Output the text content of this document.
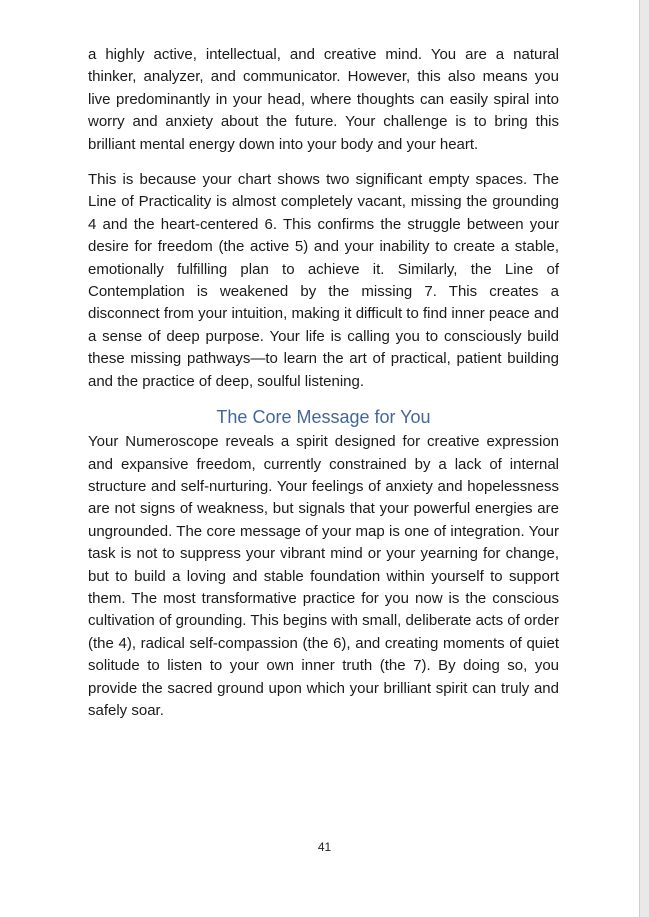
a highly active, intellectual, and creative mind. You are a natural thinker, analyzer, and communicator. However, this also means you live predominantly in your head, where thoughts can easily spiral into worry and anxiety about the future. Your challenge is to bring this brilliant mental energy down into your body and your heart.

This is because your chart shows two significant empty spaces. The Line of Practicality is almost completely vacant, missing the grounding 4 and the heart-centered 6. This confirms the struggle between your desire for freedom (the active 5) and your inability to create a stable, emotionally fulfilling plan to achieve it. Similarly, the Line of Contemplation is weakened by the missing 7. This creates a disconnect from your intuition, making it difficult to find inner peace and a sense of deep purpose. Your life is calling you to consciously build these missing pathways—to learn the art of practical, patient building and the practice of deep, soulful listening.

The Core Message for You

Your Numeroscope reveals a spirit designed for creative expression and expansive freedom, currently constrained by a lack of internal structure and self-nurturing. Your feelings of anxiety and hopelessness are not signs of weakness, but signals that your powerful energies are ungrounded. The core message of your map is one of integration. Your task is not to suppress your vibrant mind or your yearning for change, but to build a loving and stable foundation within yourself to support them. The most transformative practice for you now is the conscious cultivation of grounding. This begins with small, deliberate acts of order (the 4), radical self-compassion (the 6), and creating moments of quiet solitude to listen to your own inner truth (the 7). By doing so, you provide the sacred ground upon which your brilliant spirit can truly and safely soar.

41
